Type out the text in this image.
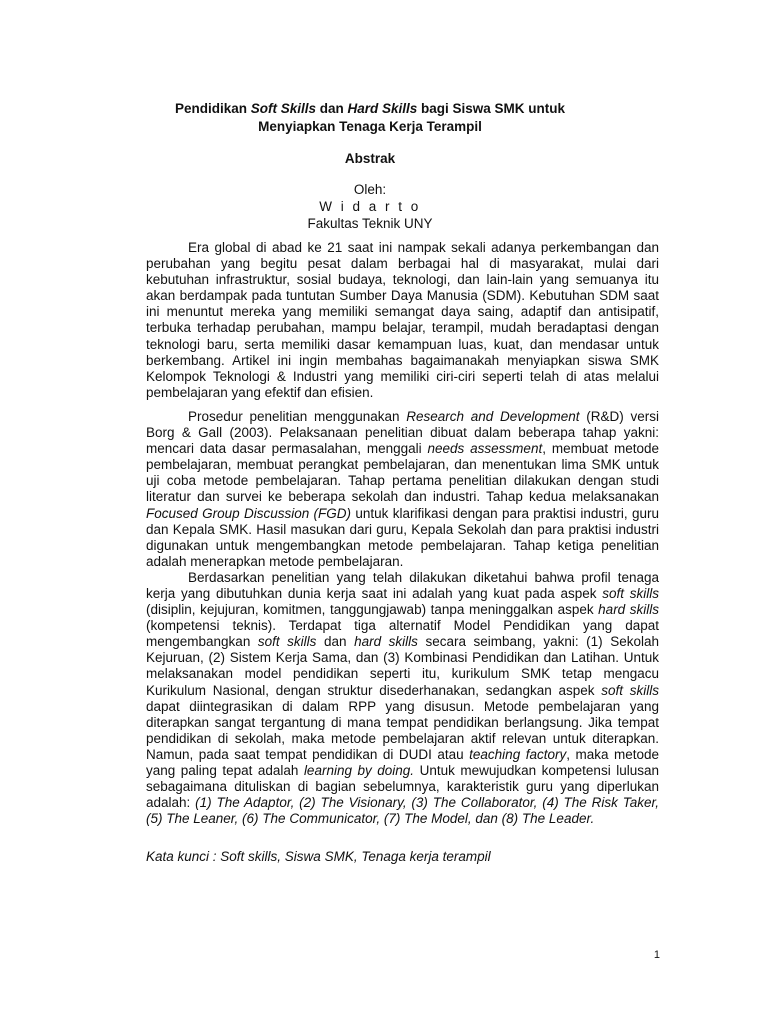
Pendidikan Soft Skills dan Hard Skills bagi Siswa SMK untuk
Menyiapkan Tenaga Kerja Terampil
Abstrak
Oleh:
W i d a r t o
Fakultas Teknik UNY

Era global di abad ke 21 saat ini nampak sekali adanya perkembangan dan perubahan yang begitu pesat dalam berbagai hal di masyarakat, mulai dari kebutuhan infrastruktur, sosial budaya, teknologi, dan lain-lain yang semuanya itu akan berdampak pada tuntutan Sumber Daya Manusia (SDM). Kebutuhan SDM saat ini menuntut mereka yang memiliki semangat daya saing, adaptif dan antisipatif, terbuka terhadap perubahan, mampu belajar, terampil, mudah beradaptasi dengan teknologi baru, serta memiliki dasar kemampuan luas, kuat, dan mendasar untuk berkembang. Artikel ini ingin membahas bagaimanakah menyiapkan siswa SMK Kelompok Teknologi & Industri yang memiliki ciri-ciri seperti telah di atas melalui pembelajaran yang efektif dan efisien.

Prosedur penelitian menggunakan Research and Development (R&D) versi Borg & Gall (2003). Pelaksanaan penelitian dibuat dalam beberapa tahap yakni: mencari data dasar permasalahan, menggali needs assessment, membuat metode pembelajaran, membuat perangkat pembelajaran, dan menentukan lima SMK untuk uji coba metode pembelajaran. Tahap pertama penelitian dilakukan dengan studi literatur dan survei ke beberapa sekolah dan industri. Tahap kedua melaksanakan Focused Group Discussion (FGD) untuk klarifikasi dengan para praktisi industri, guru dan Kepala SMK. Hasil masukan dari guru, Kepala Sekolah dan para praktisi industri digunakan untuk mengembangkan metode pembelajaran. Tahap ketiga penelitian adalah menerapkan metode pembelajaran.

Berdasarkan penelitian yang telah dilakukan diketahui bahwa profil tenaga kerja yang dibutuhkan dunia kerja saat ini adalah yang kuat pada aspek soft skills (disiplin, kejujuran, komitmen, tanggungjawab) tanpa meninggalkan aspek hard skills (kompetensi teknis). Terdapat tiga alternatif Model Pendidikan yang dapat mengembangkan soft skills dan hard skills secara seimbang, yakni: (1) Sekolah Kejuruan, (2) Sistem Kerja Sama, dan (3) Kombinasi Pendidikan dan Latihan. Untuk melaksanakan model pendidikan seperti itu, kurikulum SMK tetap mengacu Kurikulum Nasional, dengan struktur disederhanakan, sedangkan aspek soft skills dapat diintegrasikan di dalam RPP yang disusun. Metode pembelajaran yang diterapkan sangat tergantung di mana tempat pendidikan berlangsung. Jika tempat pendidikan di sekolah, maka metode pembelajaran aktif relevan untuk diterapkan. Namun, pada saat tempat pendidikan di DUDI atau teaching factory, maka metode yang paling tepat adalah learning by doing. Untuk mewujudkan kompetensi lulusan sebagaimana dituliskan di bagian sebelumnya, karakteristik guru yang diperlukan adalah: (1) The Adaptor, (2) The Visionary, (3) The Collaborator, (4) The Risk Taker, (5) The Leaner, (6) The Communicator, (7) The Model, dan (8) The Leader.

Kata kunci : Soft skills, Siswa SMK, Tenaga kerja terampil
1
